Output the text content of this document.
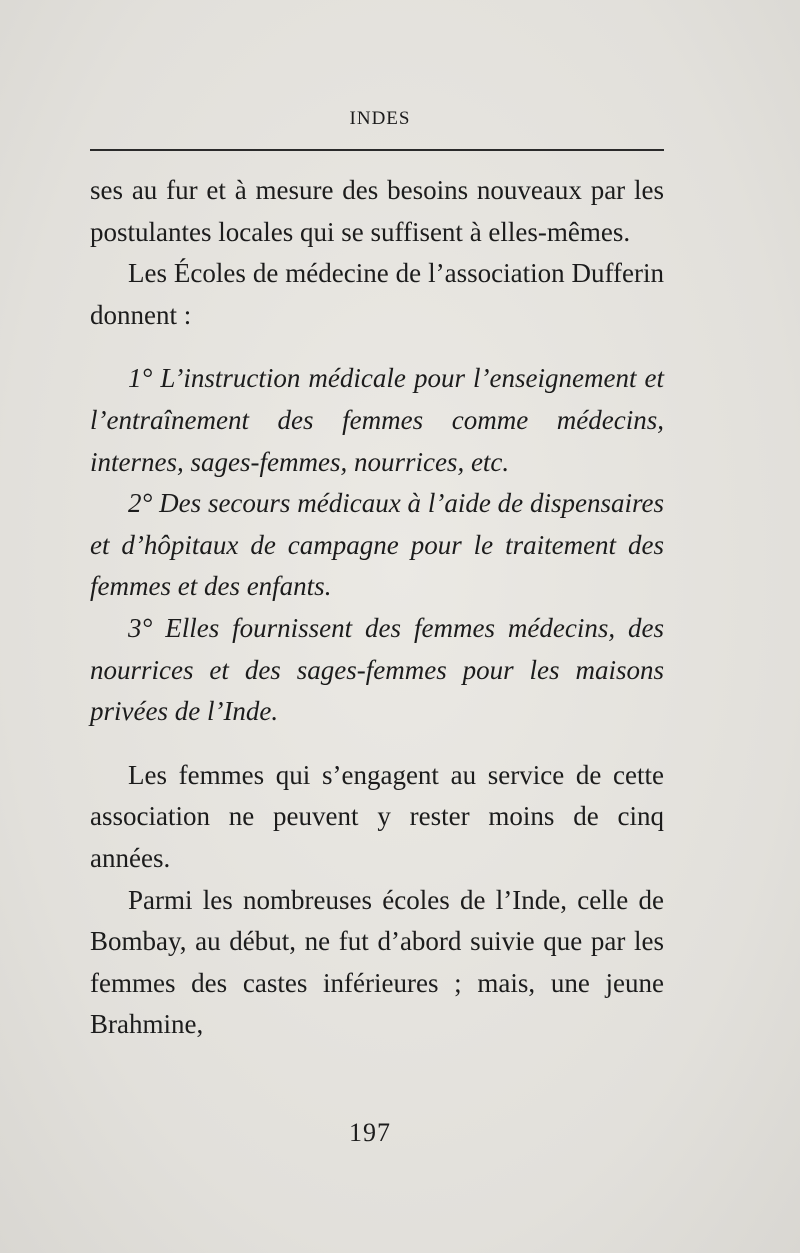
INDES

ses au fur et à mesure des besoins nouveaux par les postulantes locales qui se suffisent à elles-mêmes.

Les Écoles de médecine de l’association Dufferin donnent :

1° L’instruction médicale pour l’enseignement et l’entraînement des femmes comme médecins, internes, sages-femmes, nourrices, etc.

2° Des secours médicaux à l’aide de dispensaires et d’hôpitaux de campagne pour le traitement des femmes et des enfants.

3° Elles fournissent des femmes médecins, des nourrices et des sages-femmes pour les maisons privées de l’Inde.

Les femmes qui s’engagent au service de cette association ne peuvent y rester moins de cinq années.

Parmi les nombreuses écoles de l’Inde, celle de Bombay, au début, ne fut d’abord suivie que par les femmes des castes inférieures ; mais, une jeune Brahmine,

197
